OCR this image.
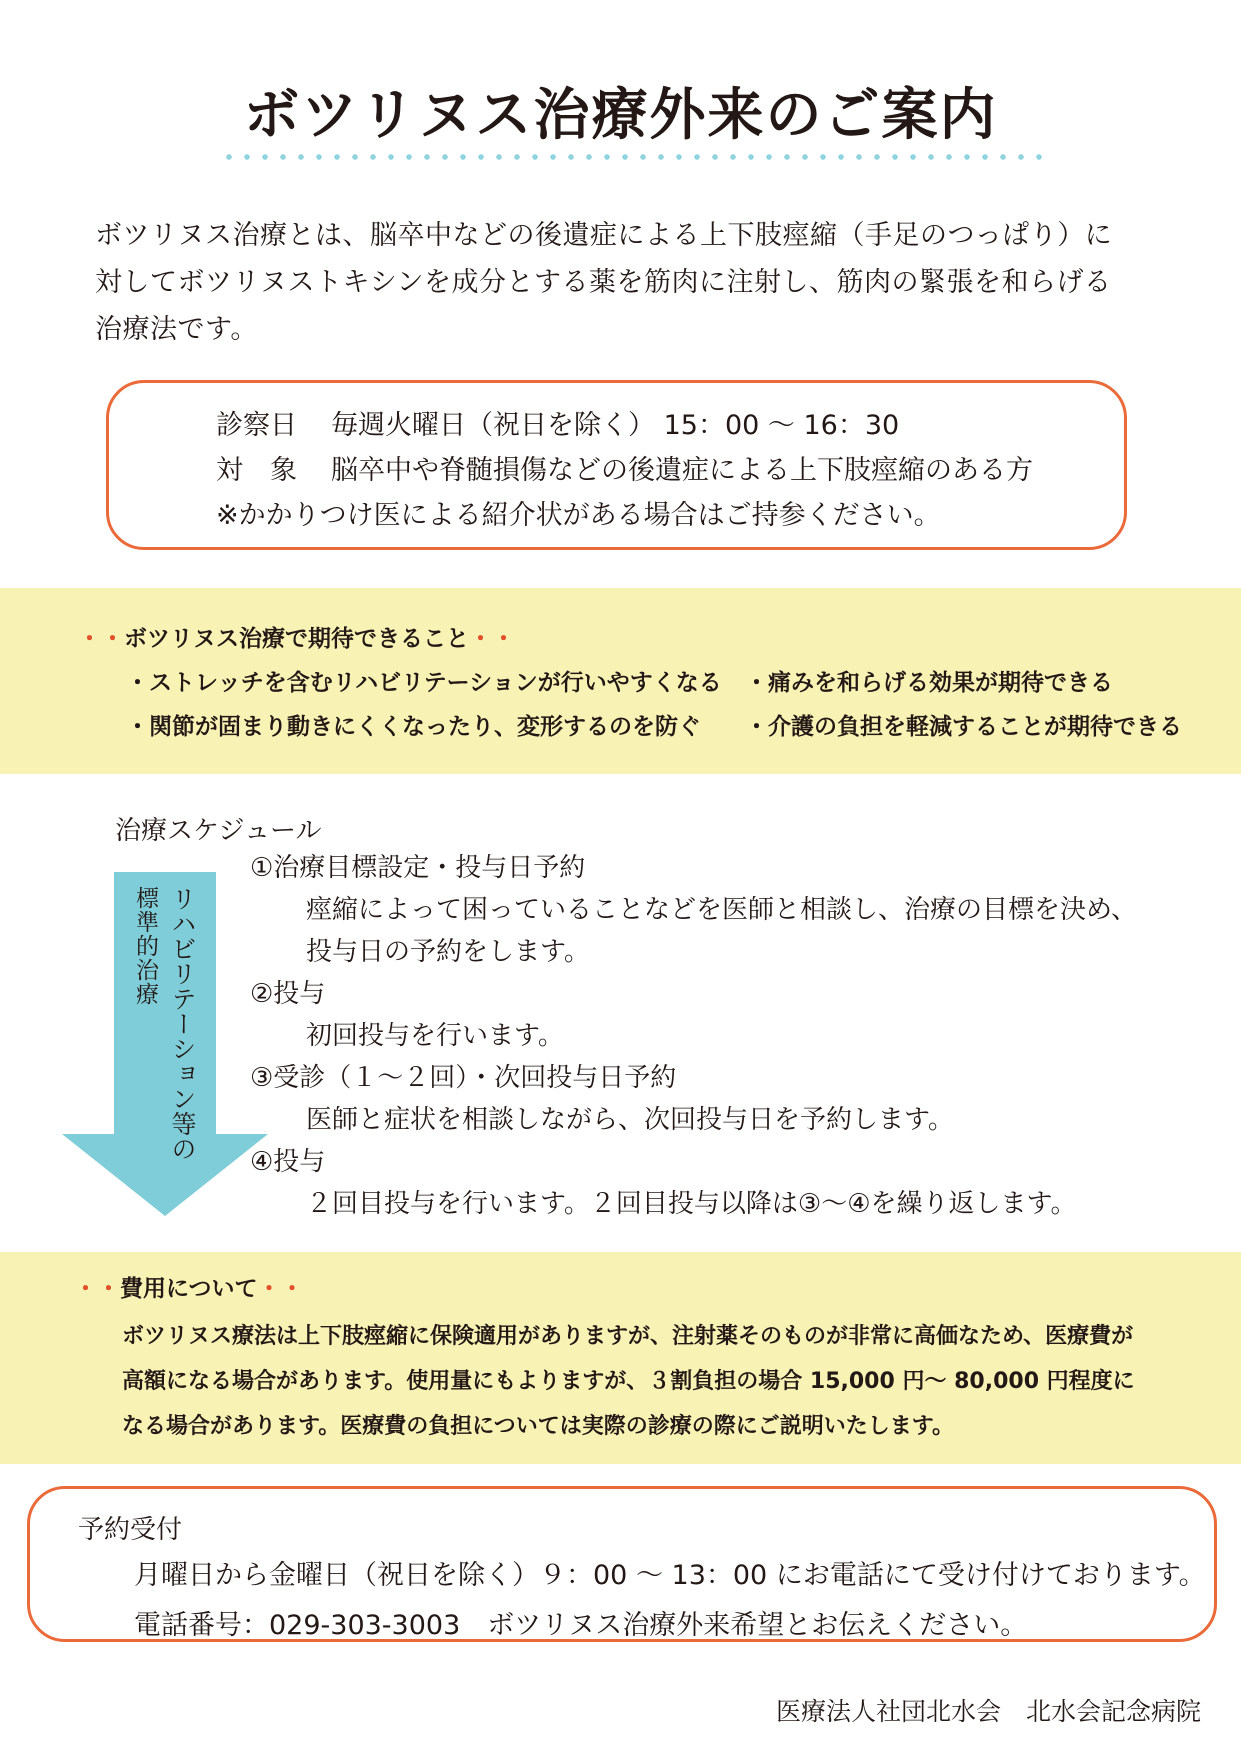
ボツリヌス治療外来のご案内

ボツリヌス治療とは、脳卒中などの後遺症による上下肢痙縮（手足のつっぱり）に

対してボツリヌストキシンを成分とする薬を筋肉に注射し、筋肉の緊張を和らげる

治療法です。

診察日 毎週火曜日（祝日を除く） 15：00 ～ 16：30

対　象 脳卒中や脊髄損傷などの後遺症による上下肢痙縮のある方

※かかりつけ医による紹介状がある場合はご持参ください。

・・ボツリヌス治療で期待できること・・
・ストレッチを含むリハビリテーションが行いやすくなる ・痛みを和らげる効果が期待できる
・関節が固まり動きにくくなったり、変形するのを防ぐ ・介護の負担を軽減することが期待できる
治療スケジュール
標準的治療 リハビリテーション等の

①治療目標設定・投与日予約

痙縮によって困っていることなどを医師と相談し、治療の目標を決め、

投与日の予約をします。

②投与

初回投与を行います。

③受診（１～２回）・次回投与日予約

医師と症状を相談しながら、次回投与日を予約します。

④投与

２回目投与を行います。２回目投与以降は③～④を繰り返します。

・・費用について・・

ボツリヌス療法は上下肢痙縮に保険適用がありますが、注射薬そのものが非常に高価なため、医療費が

高額になる場合があります。使用量にもよりますが、３割負担の場合 15,000 円～ 80,000 円程度に

なる場合があります。医療費の負担については実際の診療の際にご説明いたします。

予約受付

月曜日から金曜日（祝日を除く）９：00 ～ 13：00 にお電話にて受け付けております。

電話番号：029-303-3003　ボツリヌス治療外来希望とお伝えください。

医療法人社団北水会　北水会記念病院
